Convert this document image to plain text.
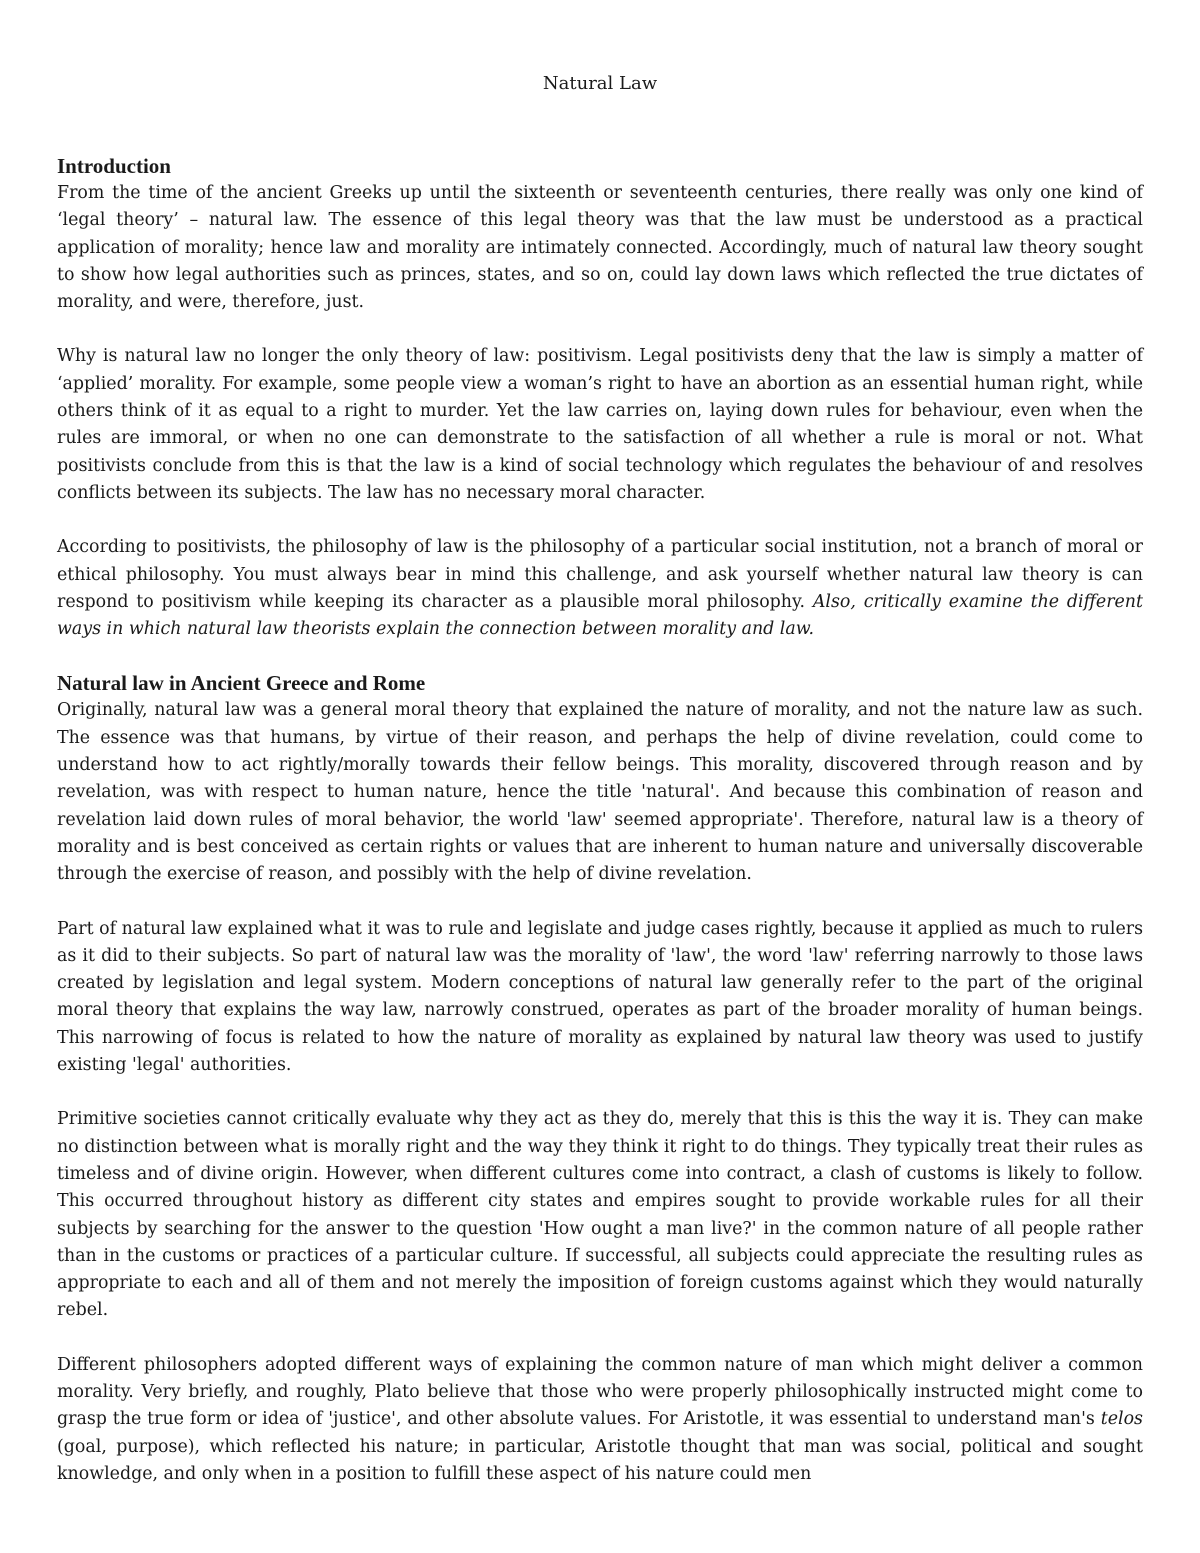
Natural Law
Introduction

From the time of the ancient Greeks up until the sixteenth or seventeenth centuries, there really was only one kind of ‘legal theory’ – natural law. The essence of this legal theory was that the law must be understood as a practical application of morality; hence law and morality are intimately connected. Accordingly, much of natural law theory sought to show how legal authorities such as princes, states, and so on, could lay down laws which reflected the true dictates of morality, and were, therefore, just.

Why is natural law no longer the only theory of law: positivism. Legal positivists deny that the law is simply a matter of ‘applied’ morality. For example, some people view a woman’s right to have an abortion as an essential human right, while others think of it as equal to a right to murder. Yet the law carries on, laying down rules for behaviour, even when the rules are immoral, or when no one can demonstrate to the satisfaction of all whether a rule is moral or not. What positivists conclude from this is that the law is a kind of social technology which regulates the behaviour of and resolves conflicts between its subjects. The law has no necessary moral character.

According to positivists, the philosophy of law is the philosophy of a particular social institution, not a branch of moral or ethical philosophy. You must always bear in mind this challenge, and ask yourself whether natural law theory is can respond to positivism while keeping its character as a plausible moral philosophy. Also, critically examine the different ways in which natural law theorists explain the connection between morality and law.

Natural law in Ancient Greece and Rome

Originally, natural law was a general moral theory that explained the nature of morality, and not the nature law as such. The essence was that humans, by virtue of their reason, and perhaps the help of divine revelation, could come to understand how to act rightly/morally towards their fellow beings. This morality, discovered through reason and by revelation, was with respect to human nature, hence the title 'natural'. And because this combination of reason and revelation laid down rules of moral behavior, the world 'law' seemed appropriate'. Therefore, natural law is a theory of morality and is best conceived as certain rights or values that are inherent to human nature and universally discoverable through the exercise of reason, and possibly with the help of divine revelation.

Part of natural law explained what it was to rule and legislate and judge cases rightly, because it applied as much to rulers as it did to their subjects. So part of natural law was the morality of 'law', the word 'law' referring narrowly to those laws created by legislation and legal system. Modern conceptions of natural law generally refer to the part of the original moral theory that explains the way law, narrowly construed, operates as part of the broader morality of human beings. This narrowing of focus is related to how the nature of morality as explained by natural law theory was used to justify existing 'legal' authorities.

Primitive societies cannot critically evaluate why they act as they do, merely that this is this the way it is. They can make no distinction between what is morally right and the way they think it right to do things. They typically treat their rules as timeless and of divine origin. However, when different cultures come into contract, a clash of customs is likely to follow. This occurred throughout history as different city states and empires sought to provide workable rules for all their subjects by searching for the answer to the question 'How ought a man live?' in the common nature of all people rather than in the customs or practices of a particular culture. If successful, all subjects could appreciate the resulting rules as appropriate to each and all of them and not merely the imposition of foreign customs against which they would naturally rebel.

Different philosophers adopted different ways of explaining the common nature of man which might deliver a common morality. Very briefly, and roughly, Plato believe that those who were properly philosophically instructed might come to grasp the true form or idea of 'justice', and other absolute values. For Aristotle, it was essential to understand man's telos (goal, purpose), which reflected his nature; in particular, Aristotle thought that man was social, political and sought knowledge, and only when in a position to fulfill these aspect of his nature could men
